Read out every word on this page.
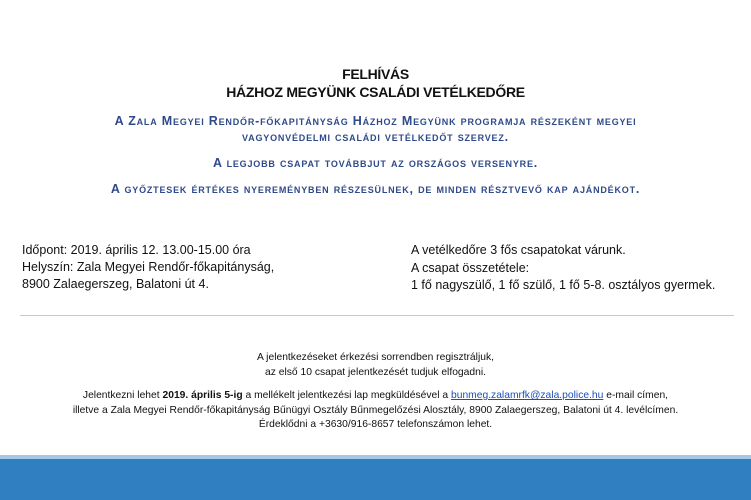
FELHÍVÁS
HÁZHOZ MEGYÜNK CSALÁDI VETÉLKEDŐRE
A Zala Megyei Rendőr-főkapitányság Házhoz Megyünk programja részeként megyei
vagyonvédelmi családi vetélkedőt szervez.
A legjobb csapat továbbjut az országos versenyre.
A győztesek értékes nyereményben részesülnek, de minden résztvevő kap ajándékot.
Időpont: 2019. április 12. 13.00-15.00 óra
Helyszín: Zala Megyei Rendőr-főkapitányság,
8900 Zalaegerszeg, Balatoni út 4.
A vetélkedőre 3 fős csapatokat várunk.
A csapat összetétele:
1 fő nagyszülő, 1 fő szülő, 1 fő 5-8. osztályos gyermek.
A jelentkezéseket érkezési sorrendben regisztráljuk,
az első 10 csapat jelentkezését tudjuk elfogadni.
Jelentkezni lehet 2019. április 5-ig a mellékelt jelentkezési lap megküldésével a bunmeg.zalamrfk@zala.police.hu e-mail címen,
illetve a Zala Megyei Rendőr-főkapitányság Bűnügyi Osztály Bűnmegelőzési Alosztály, 8900 Zalaegerszeg, Balatoni út 4. levélcímen.
Érdeklődni a +3630/916-8657 telefonszámon lehet.
